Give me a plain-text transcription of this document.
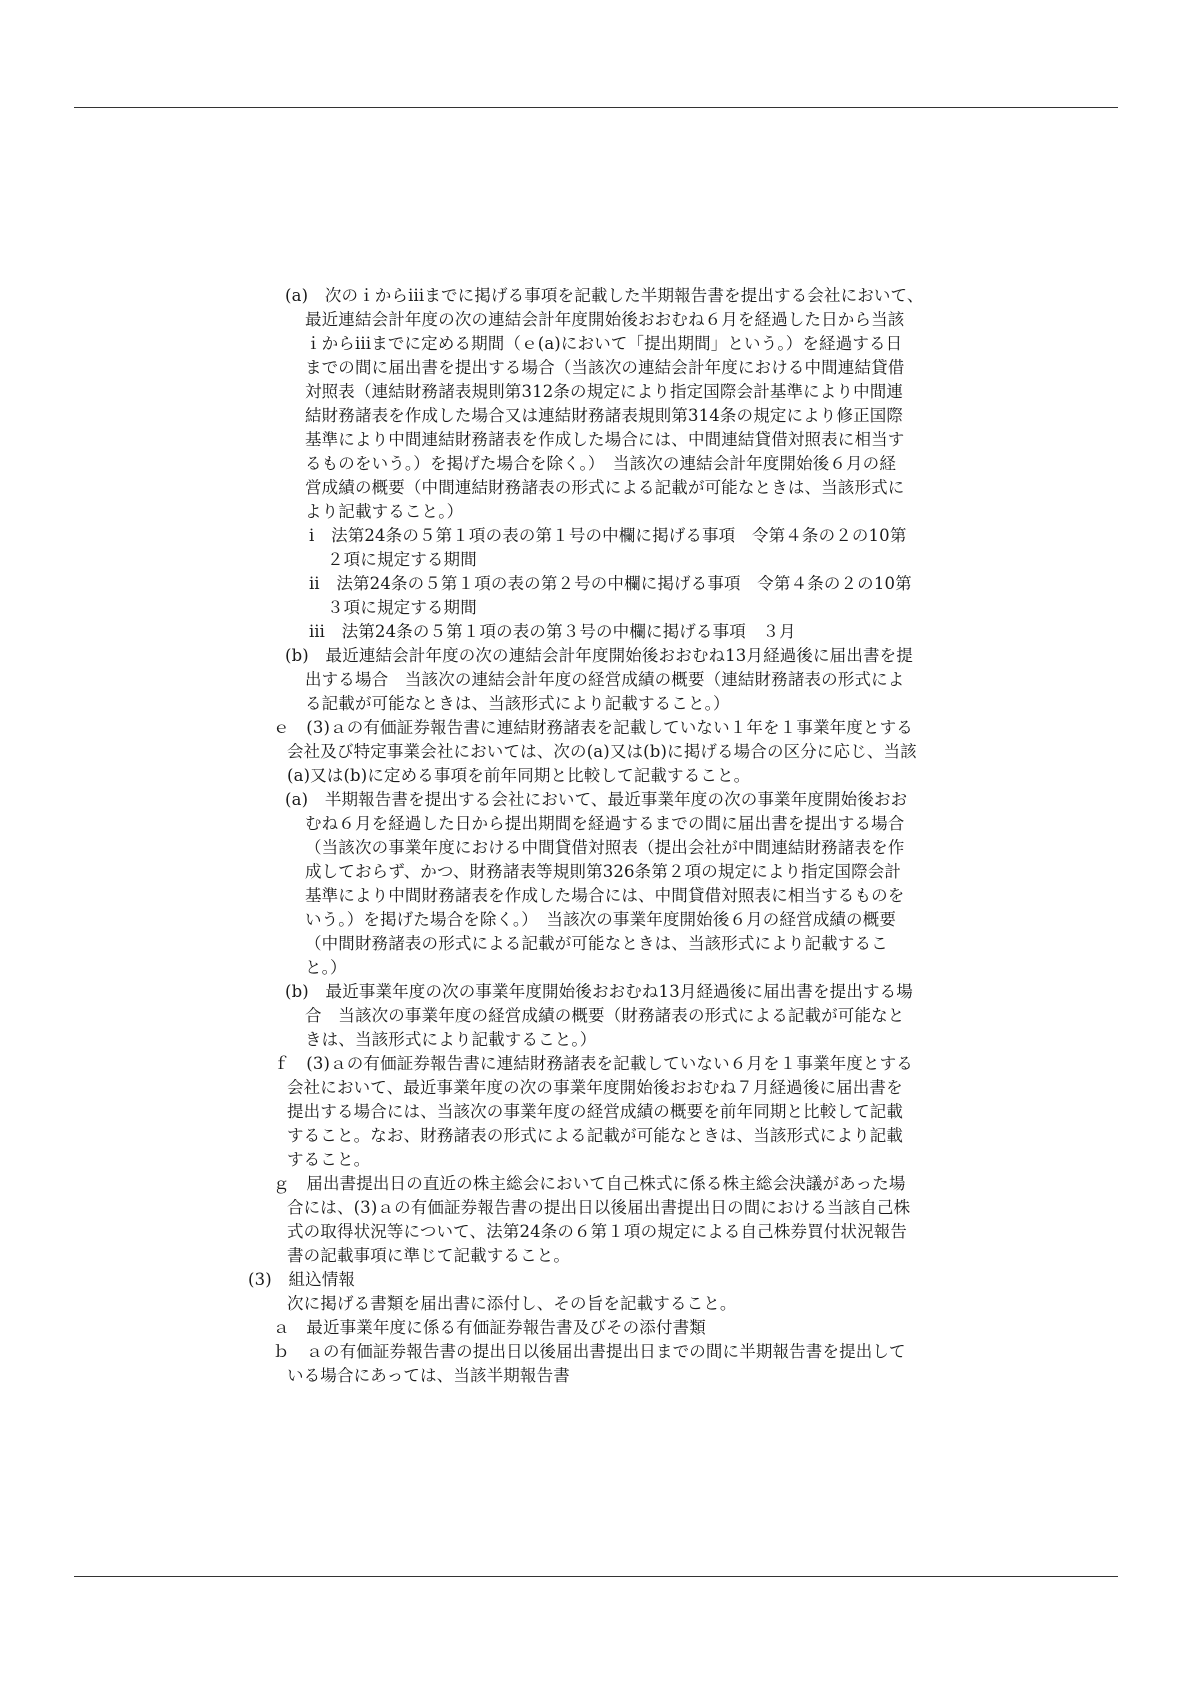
(a)　次のｉからiiiまでに掲げる事項を記載した半期報告書を提出する会社において、
最近連結会計年度の次の連結会計年度開始後おおむね６月を経過した日から当該
ｉからiiiまでに定める期間（ｅ(a)において「提出期間」という。）を経過する日
までの間に届出書を提出する場合（当該次の連結会計年度における中間連結貸借
対照表（連結財務諸表規則第312条の規定により指定国際会計基準により中間連
結財務諸表を作成した場合又は連結財務諸表規則第314条の規定により修正国際
基準により中間連結財務諸表を作成した場合には、中間連結貸借対照表に相当す
るものをいう。）を掲げた場合を除く。）　当該次の連結会計年度開始後６月の経
営成績の概要（中間連結財務諸表の形式による記載が可能なときは、当該形式に
より記載すること。）
ⅰ　法第24条の５第１項の表の第１号の中欄に掲げる事項　令第４条の２の10第
２項に規定する期間
ⅱ　法第24条の５第１項の表の第２号の中欄に掲げる事項　令第４条の２の10第
３項に規定する期間
ⅲ　法第24条の５第１項の表の第３号の中欄に掲げる事項　３月
(b)　最近連結会計年度の次の連結会計年度開始後おおむね13月経過後に届出書を提
出する場合　当該次の連結会計年度の経営成績の概要（連結財務諸表の形式によ
る記載が可能なときは、当該形式により記載すること。）
ｅ　(3)ａの有価証券報告書に連結財務諸表を記載していない１年を１事業年度とする
会社及び特定事業会社においては、次の(a)又は(b)に掲げる場合の区分に応じ、当該
(a)又は(b)に定める事項を前年同期と比較して記載すること。
(a)　半期報告書を提出する会社において、最近事業年度の次の事業年度開始後おお
むね６月を経過した日から提出期間を経過するまでの間に届出書を提出する場合
（当該次の事業年度における中間貸借対照表（提出会社が中間連結財務諸表を作
成しておらず、かつ、財務諸表等規則第326条第２項の規定により指定国際会計
基準により中間財務諸表を作成した場合には、中間貸借対照表に相当するものを
いう。）を掲げた場合を除く。）　当該次の事業年度開始後６月の経営成績の概要
（中間財務諸表の形式による記載が可能なときは、当該形式により記載するこ
と。）
(b)　最近事業年度の次の事業年度開始後おおむね13月経過後に届出書を提出する場
合　当該次の事業年度の経営成績の概要（財務諸表の形式による記載が可能なと
きは、当該形式により記載すること。）
ｆ　(3)ａの有価証券報告書に連結財務諸表を記載していない６月を１事業年度とする
会社において、最近事業年度の次の事業年度開始後おおむね７月経過後に届出書を
提出する場合には、当該次の事業年度の経営成績の概要を前年同期と比較して記載
すること。なお、財務諸表の形式による記載が可能なときは、当該形式により記載
すること。
ｇ　届出書提出日の直近の株主総会において自己株式に係る株主総会決議があった場
合には、(3)ａの有価証券報告書の提出日以後届出書提出日の間における当該自己株
式の取得状況等について、法第24条の６第１項の規定による自己株券買付状況報告
書の記載事項に準じて記載すること。
(3)　組込情報
次に掲げる書類を届出書に添付し、その旨を記載すること。
ａ　最近事業年度に係る有価証券報告書及びその添付書類
ｂ　ａの有価証券報告書の提出日以後届出書提出日までの間に半期報告書を提出して
いる場合にあっては、当該半期報告書
